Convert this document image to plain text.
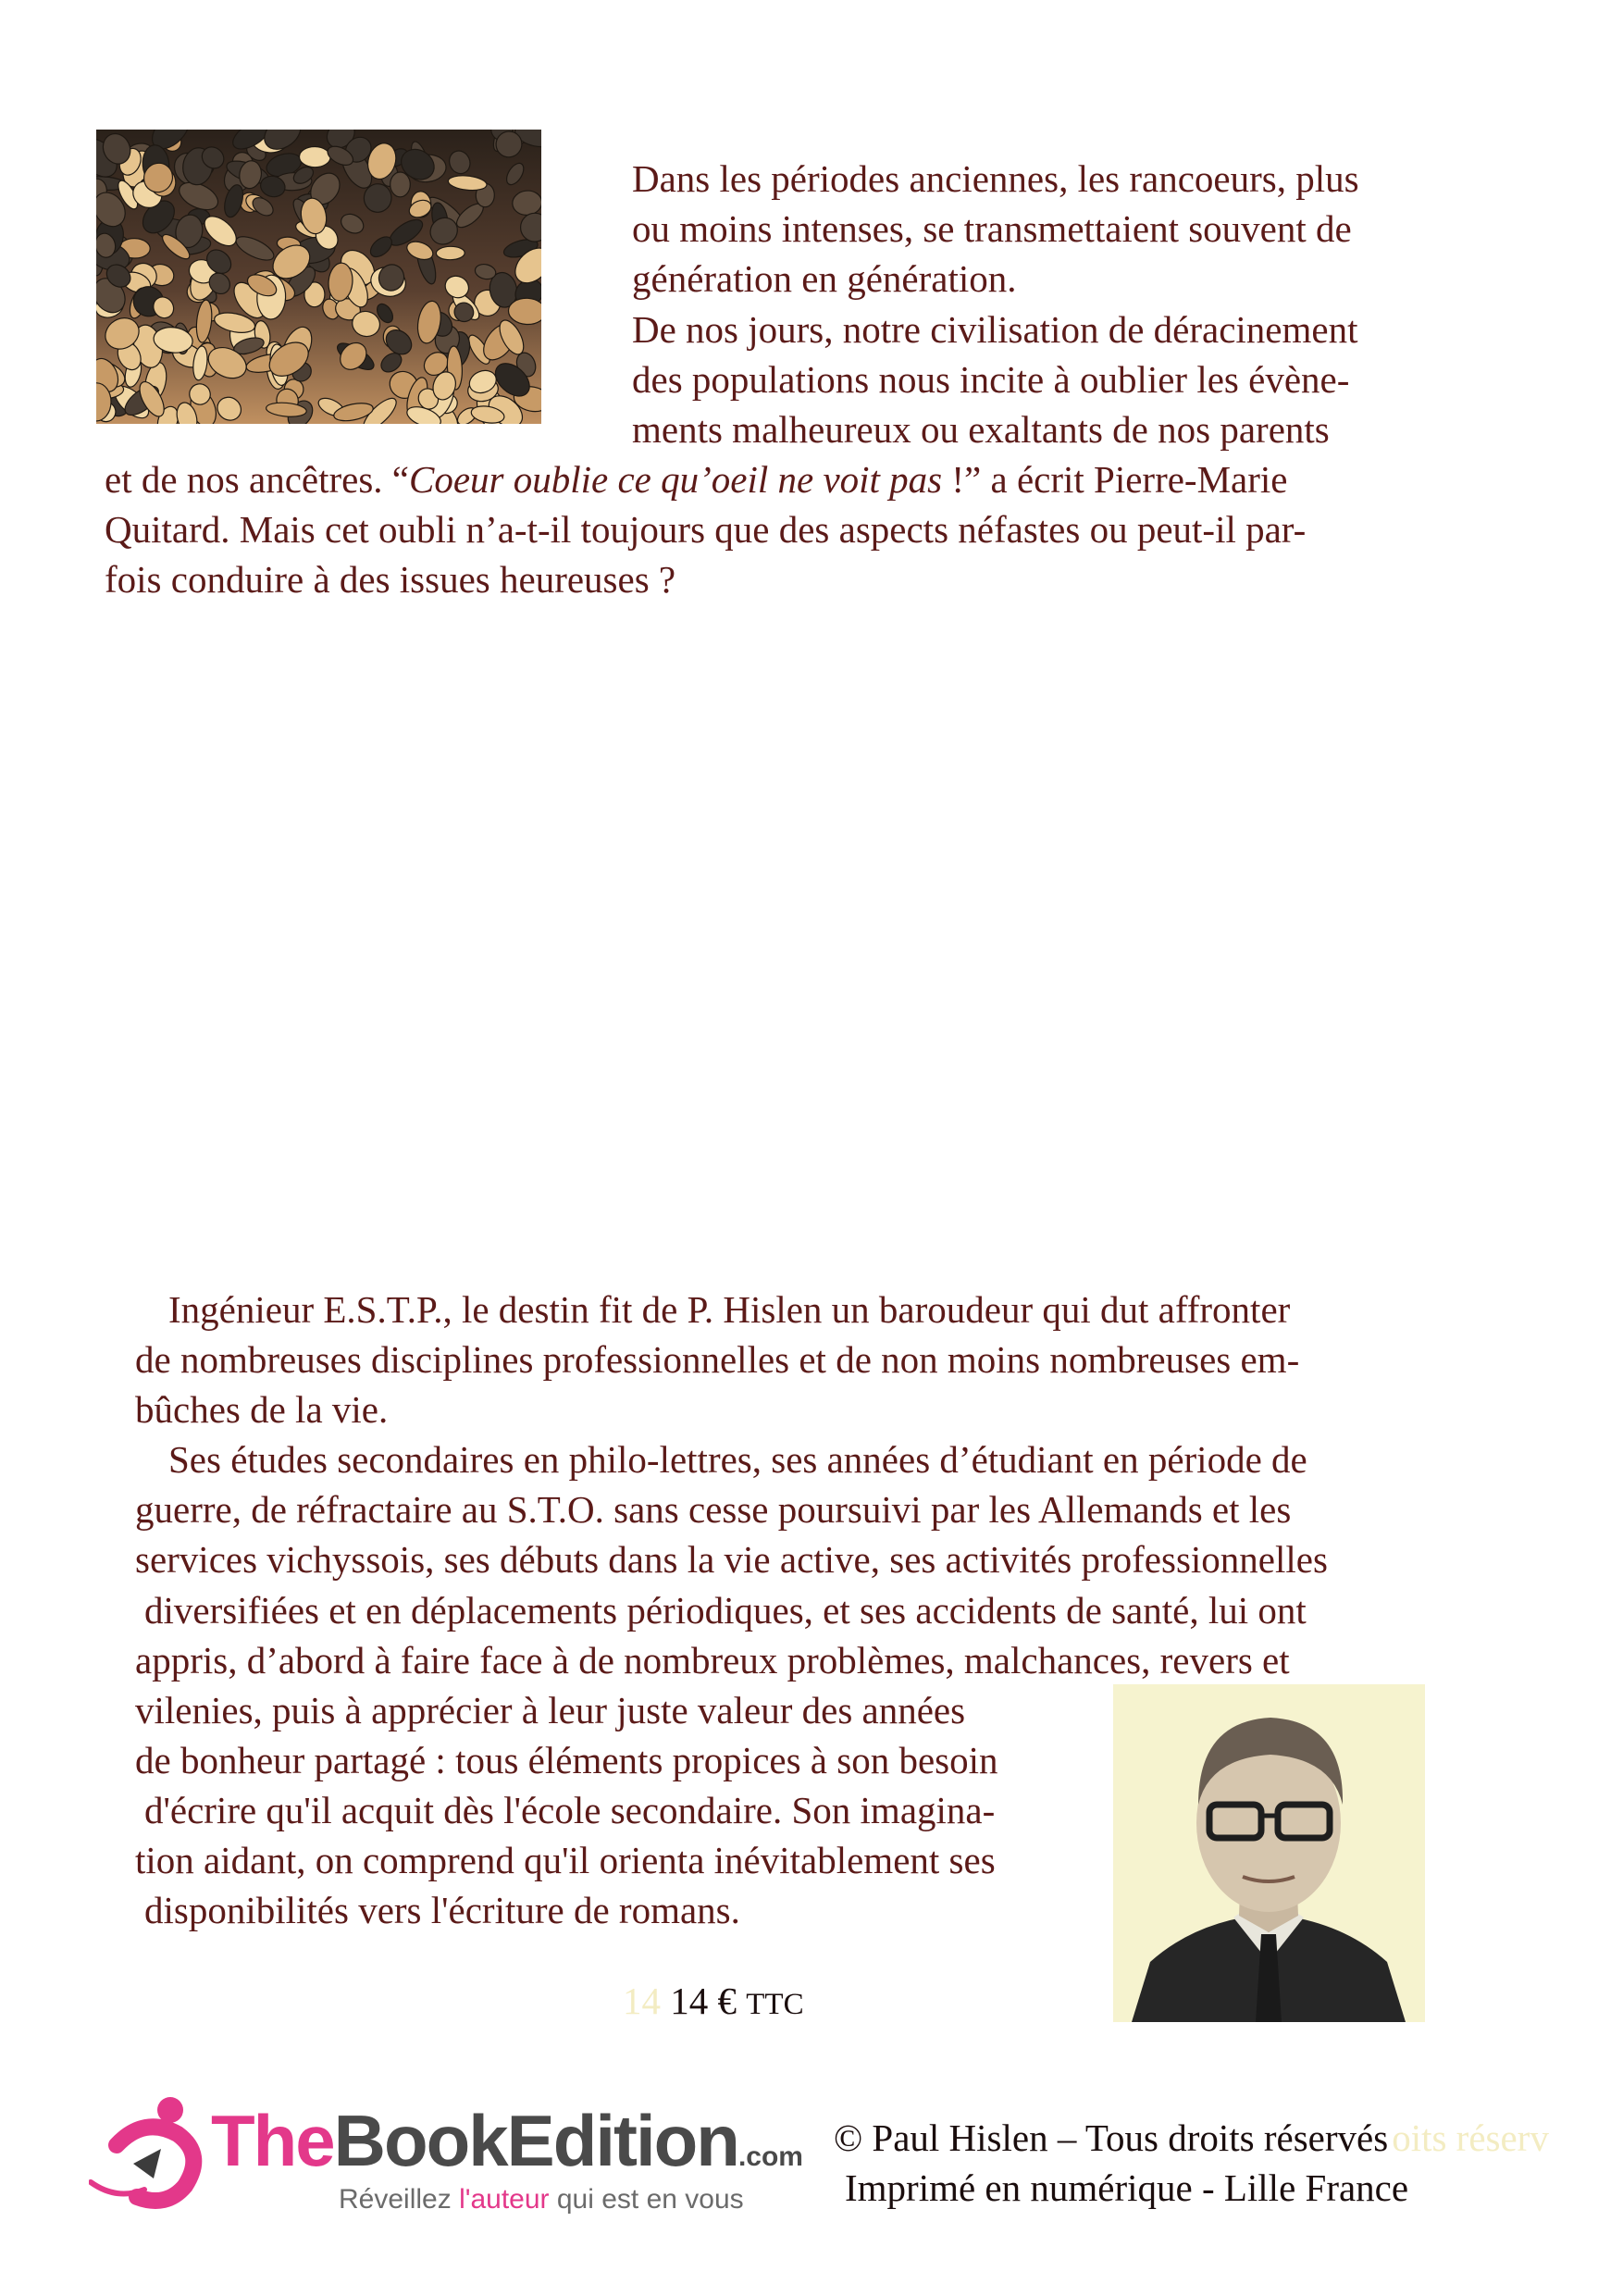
Dans les périodes anciennes, les rancoeurs, plus
ou moins intenses, se transmettaient souvent de
génération en génération.
De nos jours, notre civilisation de déracinement
des populations nous incite à oublier les évène-
ments malheureux ou exaltants de nos parents
et de nos ancêtres. “Coeur oublie ce qu’oeil ne voit pas !” a écrit Pierre-Marie
Quitard. Mais cet oubli n’a-t-il toujours que des aspects néfastes ou peut-il par-
fois conduire à des issues heureuses ?
Ingénieur E.S.T.P., le destin fit de P. Hislen un baroudeur qui dut affronter
de nombreuses disciplines professionnelles et de non moins nombreuses em-
bûches de la vie.
Ses études secondaires en philo-lettres, ses années d’étudiant en période de
guerre, de réfractaire au S.T.O. sans cesse poursuivi par les Allemands et les
services vichyssois, ses débuts dans la vie active, ses activités professionnelles
diversifiées et en déplacements périodiques, et ses accidents de santé, lui ont
appris, d’abord à faire face à de nombreux problèmes, malchances, revers et
vilenies, puis à apprécier à leur juste valeur des années
de bonheur partagé : tous éléments propices à son besoin
d'écrire qu'il acquit dès l'école secondaire. Son imagina-
tion aidant, on comprend qu'il orienta inévitablement ses
disponibilités vers l'écriture de romans.
14 14 € TTC
TheBookEdition.com
Réveillez l'auteur qui est en vous
© Paul Hislen – Tous droits réservésoits réserv
Imprimé en numérique - Lille France
